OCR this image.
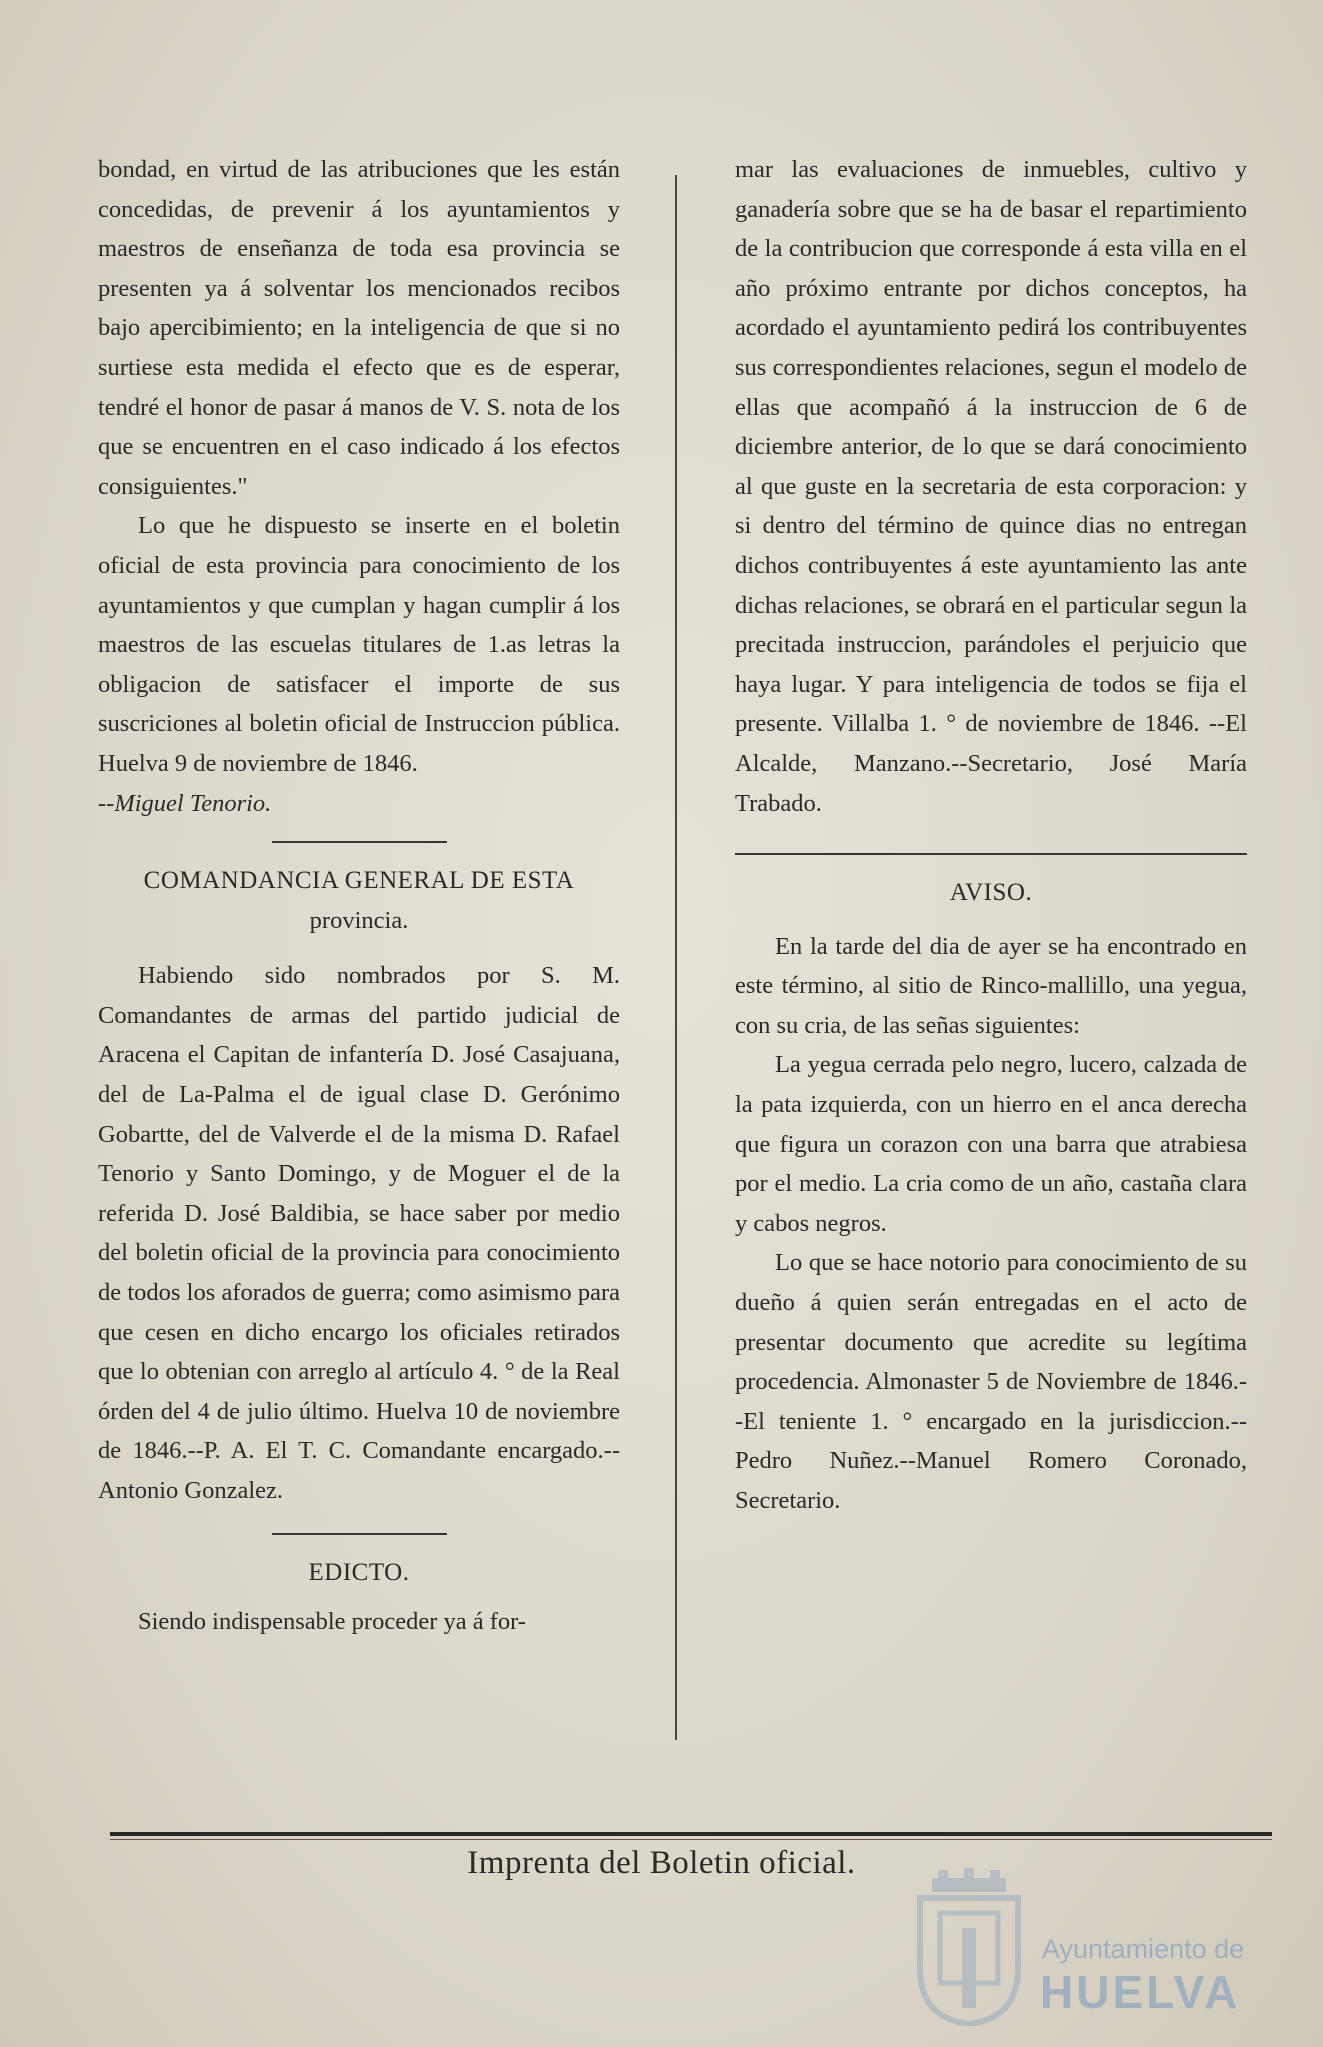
bondad, en virtud de las atribuciones que les están concedidas, de prevenir á los ayuntamientos y maestros de enseñanza de toda esa provincia se presenten ya á solventar los mencionados recibos bajo apercibimiento; en la inteligencia de que si no surtiese esta medida el efecto que es de esperar, tendré el honor de pasar á manos de V. S. nota de los que se encuentren en el caso indicado á los efectos consiguientes."

Lo que he dispuesto se inserte en el boletin oficial de esta provincia para conocimiento de los ayuntamientos y que cumplan y hagan cumplir á los maestros de las escuelas titulares de 1.as letras la obligacion de satisfacer el importe de sus suscriciones al boletin oficial de Instruccion pública. Huelva 9 de noviembre de 1846.

--Miguel Tenorio.

COMANDANCIA GENERAL DE ESTA

provincia.

Habiendo sido nombrados por S. M. Comandantes de armas del partido judicial de Aracena el Capitan de infantería D. José Casajuana, del de La-Palma el de igual clase D. Gerónimo Gobartte, del de Valverde el de la misma D. Rafael Tenorio y Santo Domingo, y de Moguer el de la referida D. José Baldibia, se hace saber por medio del boletin oficial de la provincia para conocimiento de todos los aforados de guerra; como asimismo para que cesen en dicho encargo los oficiales retirados que lo obtenian con arreglo al artículo 4. ° de la Real órden del 4 de julio último. Huelva 10 de noviembre de 1846.--P. A. El T. C. Comandante encargado.--Antonio Gonzalez.

EDICTO.

Siendo indispensable proceder ya á for-

mar las evaluaciones de inmuebles, cultivo y ganadería sobre que se ha de basar el repartimiento de la contribucion que corresponde á esta villa en el año próximo entrante por dichos conceptos, ha acordado el ayuntamiento pedirá los contribuyentes sus correspondientes relaciones, segun el modelo de ellas que acompañó á la instruccion de 6 de diciembre anterior, de lo que se dará conocimiento al que guste en la secretaria de esta corporacion: y si dentro del término de quince dias no entregan dichos contribuyentes á este ayuntamiento las ante dichas relaciones, se obrará en el particular segun la precitada instruccion, parándoles el perjuicio que haya lugar. Y para inteligencia de todos se fija el presente. Villalba 1. ° de noviembre de 1846. --El Alcalde, Manzano.--Secretario, José María Trabado.

AVISO.

En la tarde del dia de ayer se ha encontrado en este término, al sitio de Rinco-mallillo, una yegua, con su cria, de las señas siguientes:

La yegua cerrada pelo negro, lucero, calzada de la pata izquierda, con un hierro en el anca derecha que figura un corazon con una barra que atrabiesa por el medio. La cria como de un año, castaña clara y cabos negros.

Lo que se hace notorio para conocimiento de su dueño á quien serán entregadas en el acto de presentar documento que acredite su legítima procedencia. Almonaster 5 de Noviembre de 1846.--El teniente 1. ° encargado en la jurisdiccion.--Pedro Nuñez.--Manuel Romero Coronado, Secretario.

Imprenta del Boletin oficial.
Ayuntamiento de
HUELVA
